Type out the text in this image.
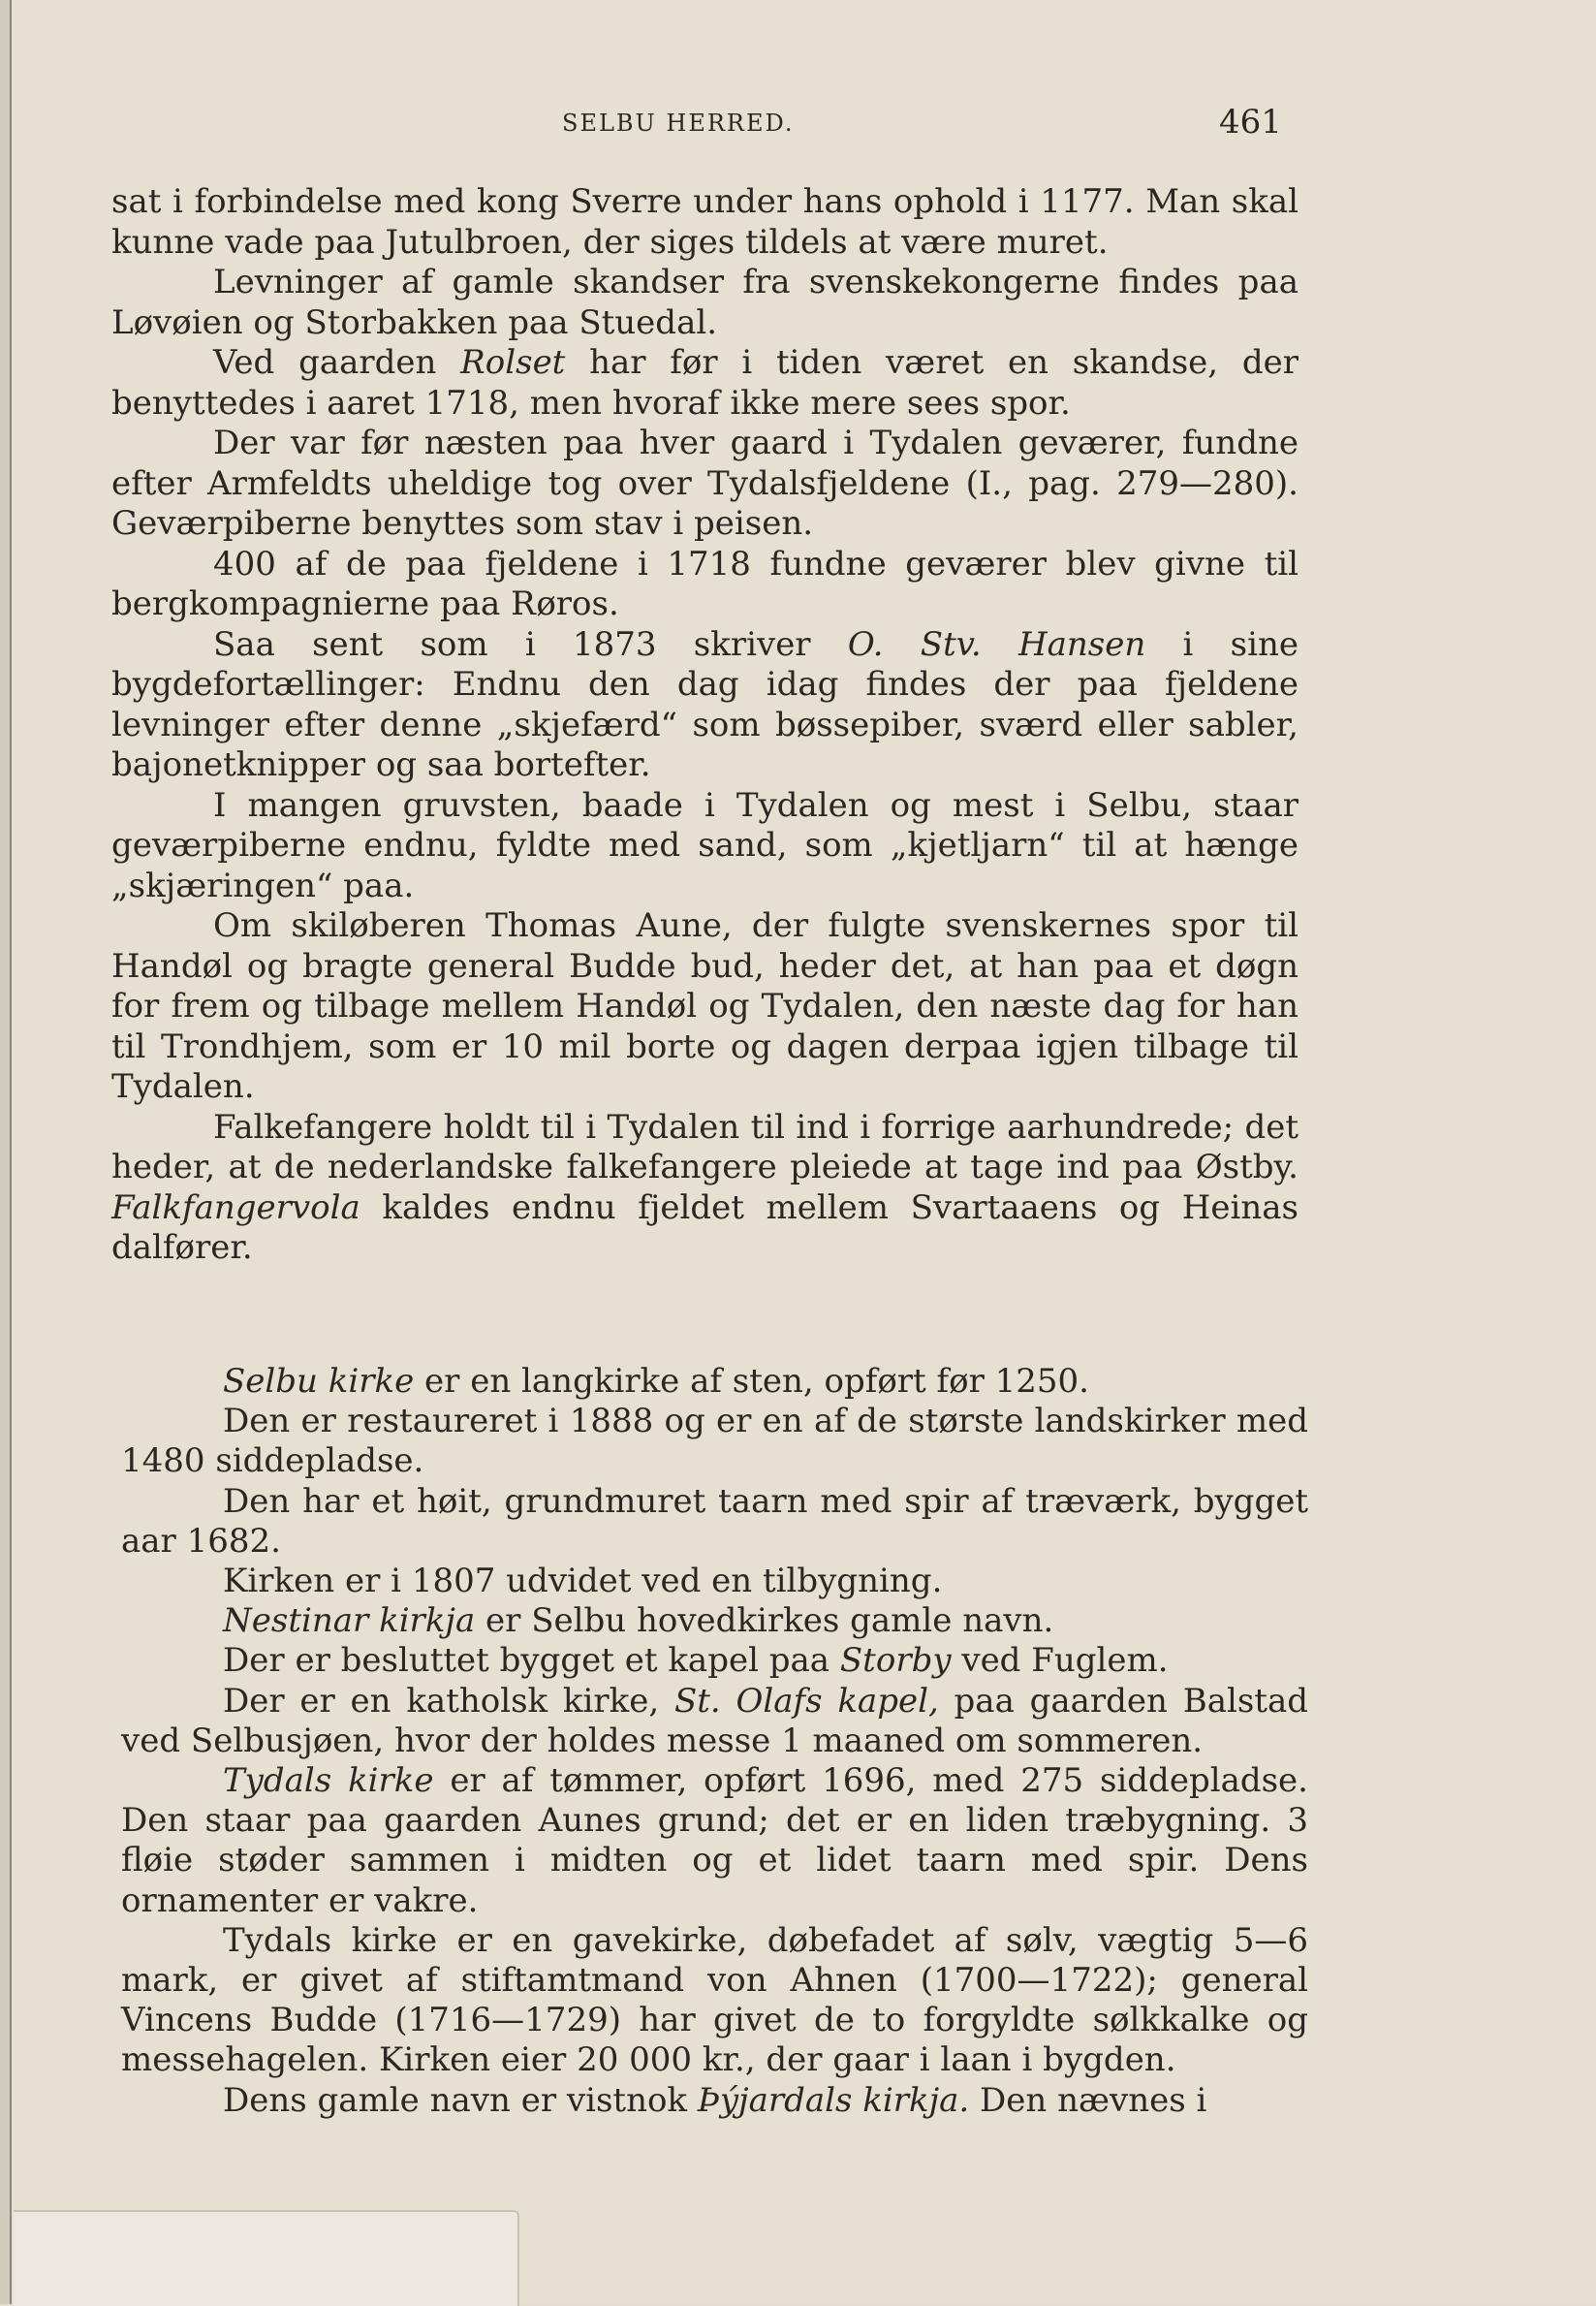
SELBU HERRED.	461

sat i forbindelse med kong Sverre under hans ophold i 1177. Man skal kunne vade paa Jutulbroen, der siges tildels at være muret.

Levninger af gamle skandser fra svenskekongerne findes paa Løvøien og Storbakken paa Stuedal.

Ved gaarden Rolset har før i tiden været en skandse, der benyttedes i aaret 1718, men hvoraf ikke mere sees spor.

Der var før næsten paa hver gaard i Tydalen geværer, fundne efter Armfeldts uheldige tog over Tydalsfjeldene (I., pag. 279—280). Geværpiberne benyttes som stav i peisen.

400 af de paa fjeldene i 1718 fundne geværer blev givne til bergkompagnierne paa Røros.

Saa sent som i 1873 skriver O. Stv. Hansen i sine bygdefortællinger: Endnu den dag idag findes der paa fjeldene levninger efter denne „skjefærd“ som bøssepiber, sværd eller sabler, bajonetknipper og saa bortefter.

I mangen gruvsten, baade i Tydalen og mest i Selbu, staar geværpiberne endnu, fyldte med sand, som „kjetljarn“ til at hænge „skjæringen“ paa.

Om skiløberen Thomas Aune, der fulgte svenskernes spor til Handøl og bragte general Budde bud, heder det, at han paa et døgn for frem og tilbage mellem Handøl og Tydalen, den næste dag for han til Trondhjem, som er 10 mil borte og dagen derpaa igjen tilbage til Tydalen.

Falkefangere holdt til i Tydalen til ind i forrige aarhundrede; det heder, at de nederlandske falkefangere pleiede at tage ind paa Østby. Falkfangervola kaldes endnu fjeldet mellem Svartaaens og Heinas dalfører.

Selbu kirke er en langkirke af sten, opført før 1250.

Den er restaureret i 1888 og er en af de største landskirker med 1480 siddepladse.

Den har et høit, grundmuret taarn med spir af træværk, bygget aar 1682.

Kirken er i 1807 udvidet ved en tilbygning.

Nestinar kirkja er Selbu hovedkirkes gamle navn.

Der er besluttet bygget et kapel paa Storby ved Fuglem.

Der er en katholsk kirke, St. Olafs kapel, paa gaarden Balstad ved Selbusjøen, hvor der holdes messe 1 maaned om sommeren.

Tydals kirke er af tømmer, opført 1696, med 275 siddepladse. Den staar paa gaarden Aunes grund; det er en liden træbygning. 3 fløie støder sammen i midten og et lidet taarn med spir. Dens ornamenter er vakre.

Tydals kirke er en gavekirke, døbefadet af sølv, vægtig 5—6 mark, er givet af stiftamtmand von Ahnen (1700—1722); general Vincens Budde (1716—1729) har givet de to forgyldte sølkkalke og messehagelen. Kirken eier 20 000 kr., der gaar i laan i bygden.

Dens gamle navn er vistnok Þýjardals kirkja. Den nævnes i
